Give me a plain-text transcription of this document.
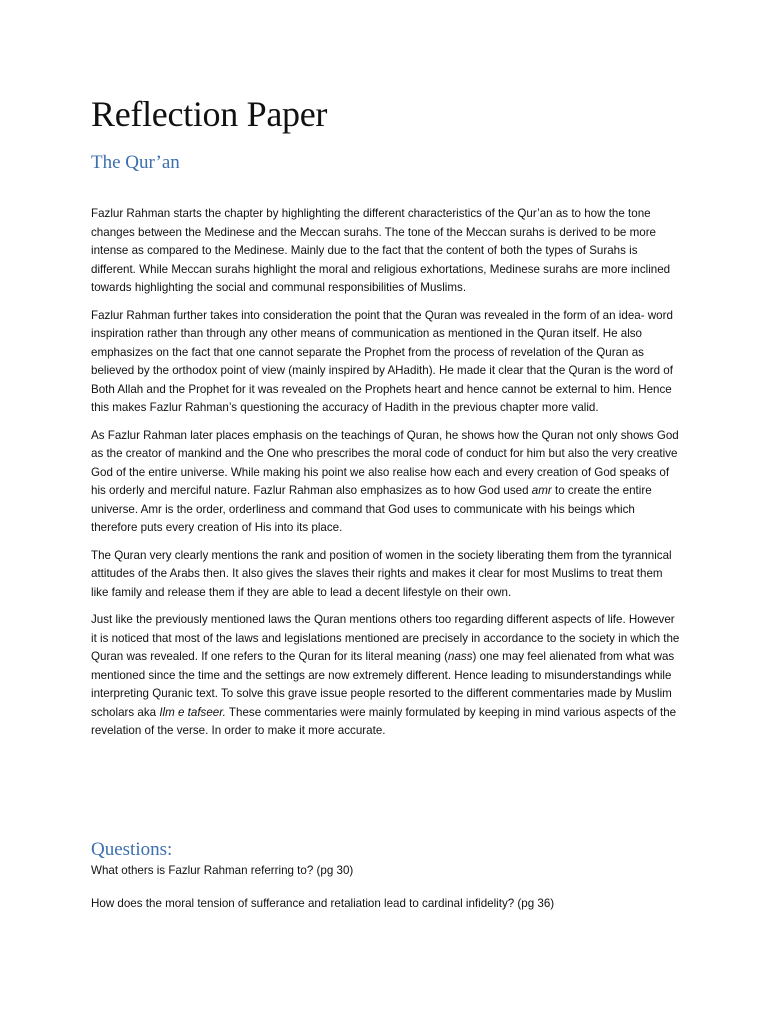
Reflection Paper
The Qur’an

Fazlur Rahman starts the chapter by highlighting the different characteristics of the Qur’an as to how the tone changes between the Medinese and the Meccan surahs. The tone of the Meccan surahs is derived to be more intense as compared to the Medinese. Mainly due to the fact that the content of both the types of Surahs is different. While Meccan surahs highlight the moral and religious exhortations, Medinese surahs are more inclined towards highlighting the social and communal responsibilities of Muslims.

Fazlur Rahman further takes into consideration the point that the Quran was revealed in the form of an idea- word inspiration rather than through any other means of communication as mentioned in the Quran itself. He also emphasizes on the fact that one cannot separate the Prophet from the process of revelation of the Quran as believed by the orthodox point of view (mainly inspired by AHadith). He made it clear that the Quran is the word of Both Allah and the Prophet for it was revealed on the Prophets heart and hence cannot be external to him. Hence this makes Fazlur Rahman’s questioning the accuracy of Hadith in the previous chapter more valid.

As Fazlur Rahman later places emphasis on the teachings of Quran, he shows how the Quran not only shows God as the creator of mankind and the One who prescribes the moral code of conduct for him but also the very creative God of the entire universe. While making his point we also realise how each and every creation of God speaks of his orderly and merciful nature. Fazlur Rahman also emphasizes as to how God used amr to create the entire universe. Amr is the order, orderliness and command that God uses to communicate with his beings which therefore puts every creation of His into its place.

The Quran very clearly mentions the rank and position of women in the society liberating them from the tyrannical attitudes of the Arabs then. It also gives the slaves their rights and makes it clear for most Muslims to treat them like family and release them if they are able to lead a decent lifestyle on their own.

Just like the previously mentioned laws the Quran mentions others too regarding different aspects of life. However it is noticed that most of the laws and legislations mentioned are precisely in accordance to the society in which the Quran was revealed. If one refers to the Quran for its literal meaning (nass) one may feel alienated from what was mentioned since the time and the settings are now extremely different. Hence leading to misunderstandings while interpreting Quranic text. To solve this grave issue people resorted to the different commentaries made by Muslim scholars aka Ilm e tafseer. These commentaries were mainly formulated by keeping in mind various aspects of the revelation of the verse. In order to make it more accurate.

Questions:

What others is Fazlur Rahman referring to? (pg 30)

How does the moral tension of sufferance and retaliation lead to cardinal infidelity? (pg 36)
